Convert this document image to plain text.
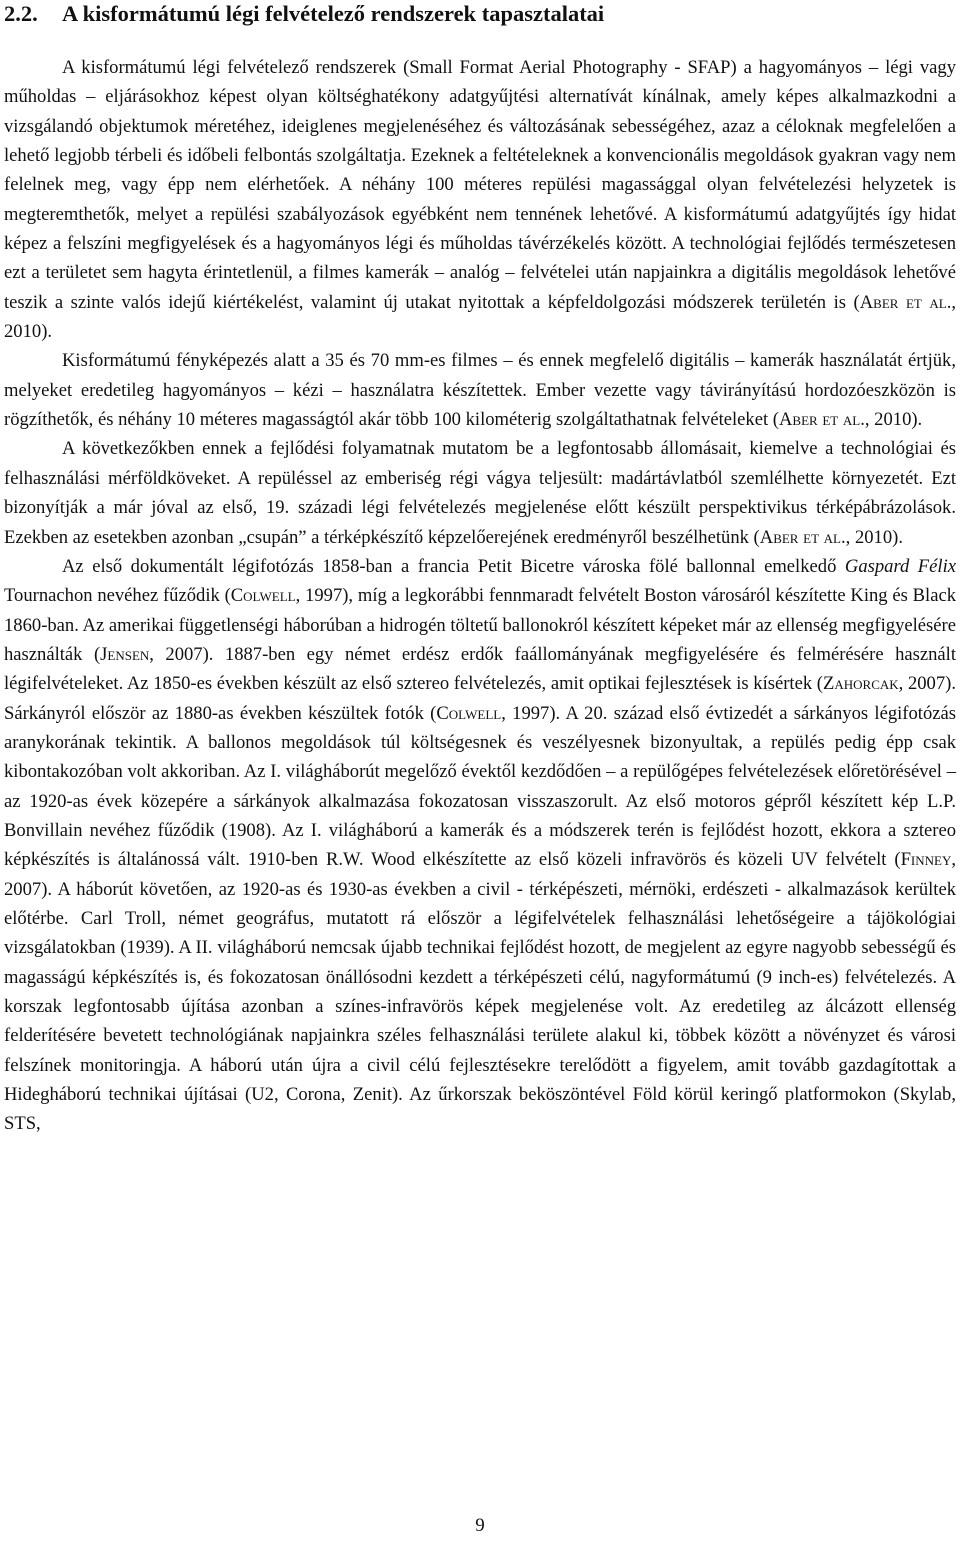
2.2. A kisformátumú légi felvételező rendszerek tapasztalatai

A kisformátumú légi felvételező rendszerek (Small Format Aerial Photography - SFAP) a hagyományos – légi vagy műholdas – eljárásokhoz képest olyan költséghatékony adatgyűjtési alternatívát kínálnak, amely képes alkalmazkodni a vizsgálandó objektumok méretéhez, ideiglenes megjelenéséhez és változásának sebességéhez, azaz a céloknak megfelelően a lehető legjobb térbeli és időbeli felbontás szolgáltatja. Ezeknek a feltételeknek a konvencionális megoldások gyakran vagy nem felelnek meg, vagy épp nem elérhetőek. A néhány 100 méteres repülési magassággal olyan felvételezési helyzetek is megteremthetők, melyet a repülési szabályozások egyébként nem tennének lehetővé. A kisformátumú adatgyűjtés így hidat képez a felszíni megfigyelések és a hagyományos légi és műholdas távérzékelés között. A technológiai fejlődés természetesen ezt a területet sem hagyta érintetlenül, a filmes kamerák – analóg – felvételei után napjainkra a digitális megoldások lehetővé teszik a szinte valós idejű kiértékelést, valamint új utakat nyitottak a képfeldolgozási módszerek területén is (Aber et al., 2010).

Kisformátumú fényképezés alatt a 35 és 70 mm-es filmes – és ennek megfelelő digitális – kamerák használatát értjük, melyeket eredetileg hagyományos – kézi – használatra készítettek. Ember vezette vagy távirányítású hordozóeszközön is rögzíthetők, és néhány 10 méteres magasságtól akár több 100 kilométerig szolgáltathatnak felvételeket (Aber et al., 2010).

A következőkben ennek a fejlődési folyamatnak mutatom be a legfontosabb állomásait, kiemelve a technológiai és felhasználási mérföldköveket. A repüléssel az emberiség régi vágya teljesült: madártávlatból szemlélhette környezetét. Ezt bizonyítják a már jóval az első, 19. századi légi felvételezés megjelenése előtt készült perspektivikus térképábrázolások. Ezekben az esetekben azonban „csupán” a térképkészítő képzelőerejének eredményről beszélhetünk (Aber et al., 2010).

Az első dokumentált légifotózás 1858-ban a francia Petit Bicetre városka fölé ballonnal emelkedő Gaspard Félix Tournachon nevéhez fűződik (Colwell, 1997), míg a legkorábbi fennmaradt felvételt Boston városáról készítette King és Black 1860-ban. Az amerikai függetlenségi háborúban a hidrogén töltetű ballonokról készített képeket már az ellenség megfigyelésére használták (Jensen, 2007). 1887-ben egy német erdész erdők faállományának megfigyelésére és felmérésére használt légifelvételeket. Az 1850-es években készült az első sztereo felvételezés, amit optikai fejlesztések is kísértek (Zahorcak, 2007). Sárkányról először az 1880-as években készültek fotók (Colwell, 1997). A 20. század első évtizedét a sárkányos légifotózás aranykorának tekintik. A ballonos megoldások túl költségesnek és veszélyesnek bizonyultak, a repülés pedig épp csak kibontakozóban volt akkoriban. Az I. világháborút megelőző évektől kezdődően – a repülőgépes felvételezések előretörésével – az 1920-as évek közepére a sárkányok alkalmazása fokozatosan visszaszorult. Az első motoros gépről készített kép L.P. Bonvillain nevéhez fűződik (1908). Az I. világháború a kamerák és a módszerek terén is fejlődést hozott, ekkora a sztereo képkészítés is általánossá vált. 1910-ben R.W. Wood elkészítette az első közeli infravörös és közeli UV felvételt (Finney, 2007). A háborút követően, az 1920-as és 1930-as években a civil - térképészeti, mérnöki, erdészeti - alkalmazások kerültek előtérbe. Carl Troll, német geográfus, mutatott rá először a légifelvételek felhasználási lehetőségeire a tájökológiai vizsgálatokban (1939). A II. világháború nemcsak újabb technikai fejlődést hozott, de megjelent az egyre nagyobb sebességű és magasságú képkészítés is, és fokozatosan önállósodni kezdett a térképészeti célú, nagyformátumú (9 inch-es) felvételezés. A korszak legfontosabb újítása azonban a színes-infravörös képek megjelenése volt. Az eredetileg az álcázott ellenség felderítésére bevetett technológiának napjainkra széles felhasználási területe alakul ki, többek között a növényzet és városi felszínek monitoringja. A háború után újra a civil célú fejlesztésekre terelődött a figyelem, amit tovább gazdagítottak a Hidegháború technikai újításai (U2, Corona, Zenit). Az űrkorszak beköszöntével Föld körül keringő platformokon (Skylab, STS,

9
